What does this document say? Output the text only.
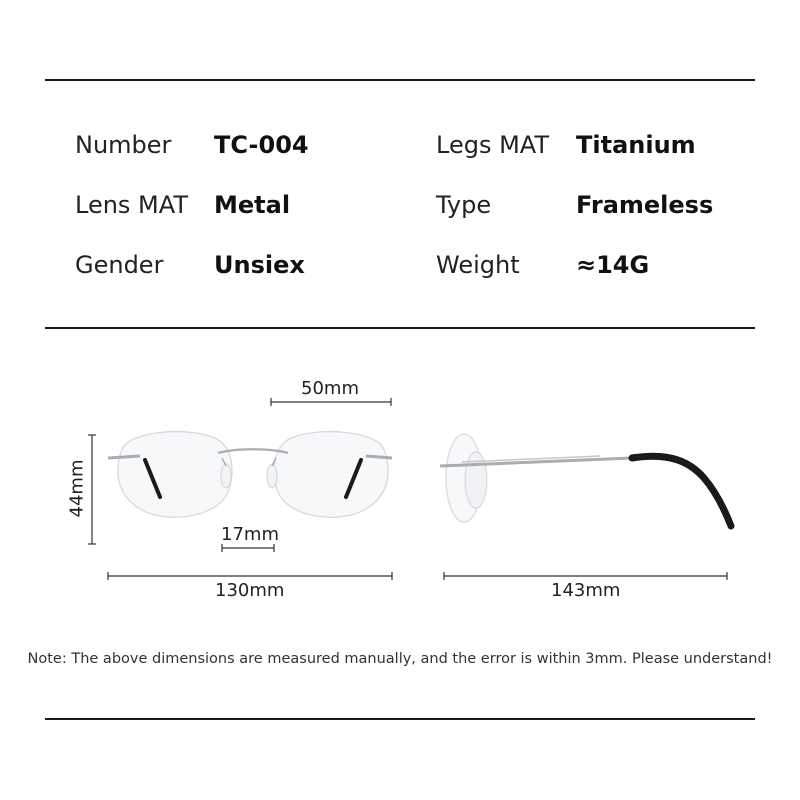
Number TC-004	Legs MAT Titanium
Lens MAT Metal	Type	Frameless
Gender Unsiex	Weight ≈14G
50mm
44mm
17mm
130mm	143mm
Note: The above dimensions are measured manually, and the error is within 3mm. Please understand!
